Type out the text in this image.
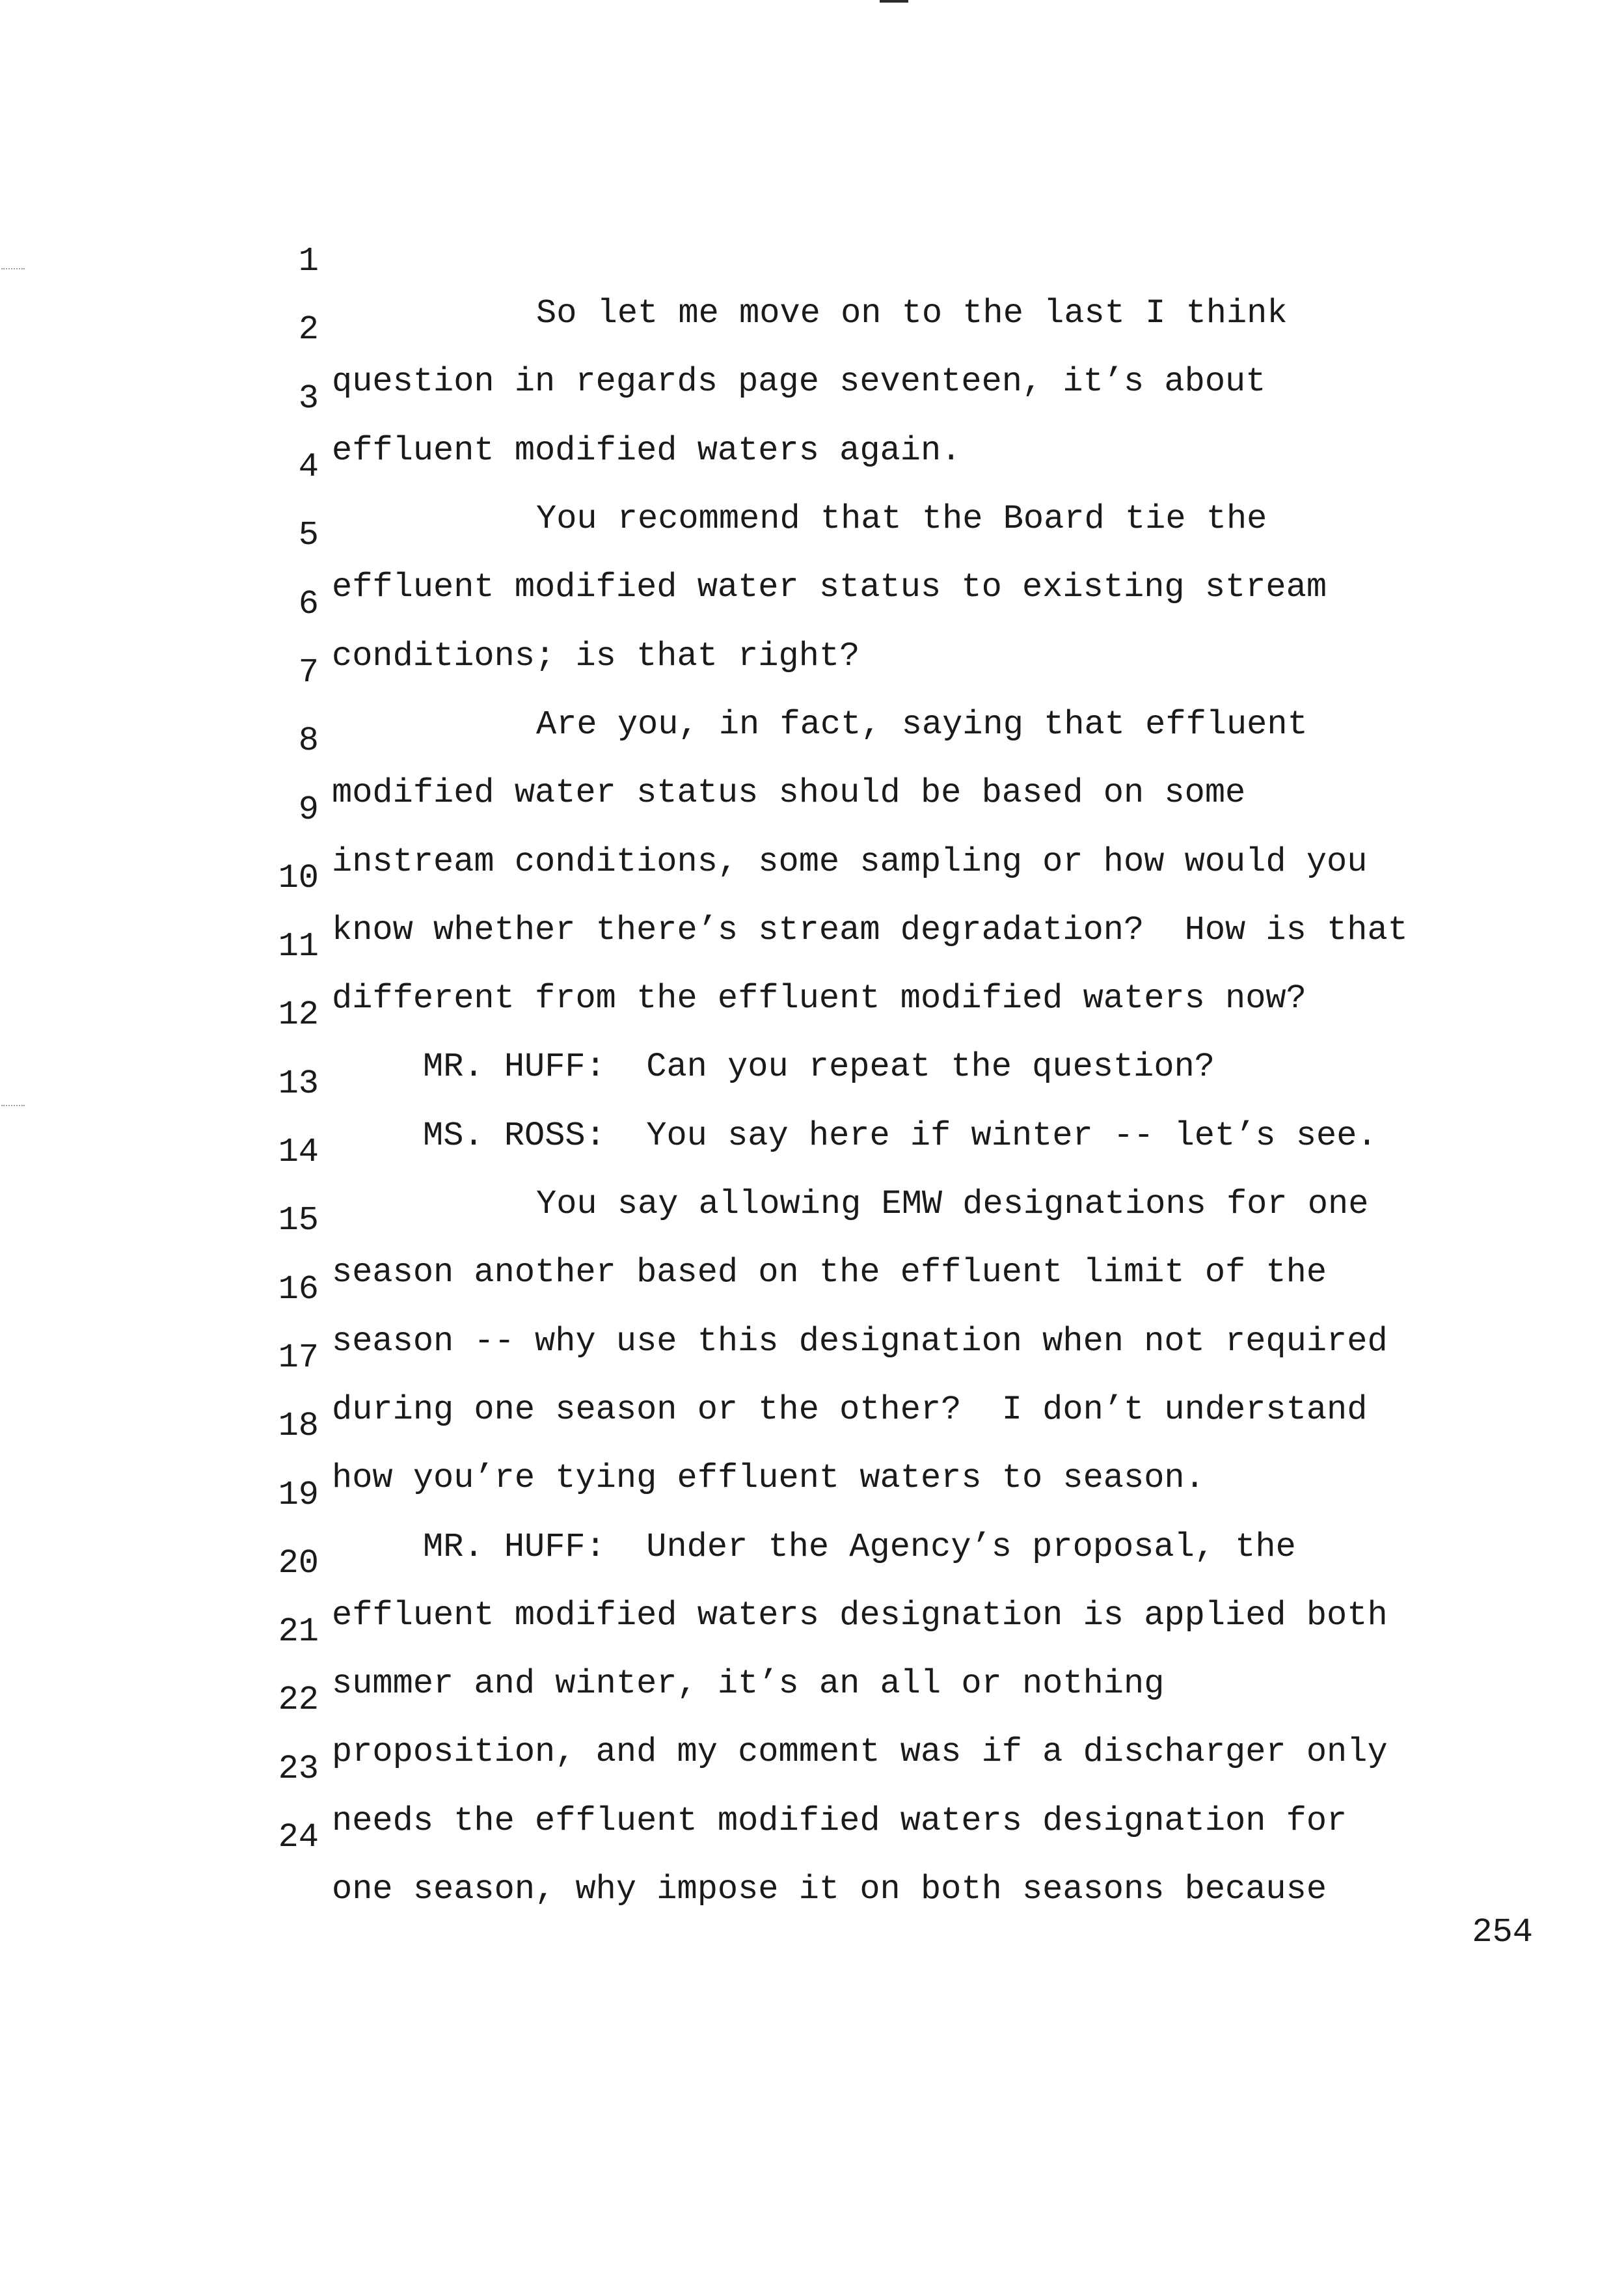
1

So let me move on to the last I think

2

question in regards page seventeen, it’s about

3

effluent modified waters again.

4

You recommend that the Board tie the

5

effluent modified water status to existing stream

6

conditions; is that right?

7

Are you, in fact, saying that effluent

8

modified water status should be based on some

9

instream conditions, some sampling or how would you

10

know whether there’s stream degradation?  How is that

11

different from the effluent modified waters now?

12

MR. HUFF:  Can you repeat the question?

13

MS. ROSS:  You say here if winter -- let’s see.

14

You say allowing EMW designations for one

15

season another based on the effluent limit of the

16

season -- why use this designation when not required

17

during one season or the other?  I don’t understand

18

how you’re tying effluent waters to season.

19

MR. HUFF:  Under the Agency’s proposal, the

20

effluent modified waters designation is applied both

21

summer and winter, it’s an all or nothing

22

proposition, and my comment was if a discharger only

23

needs the effluent modified waters designation for

24

one season, why impose it on both seasons because

254
